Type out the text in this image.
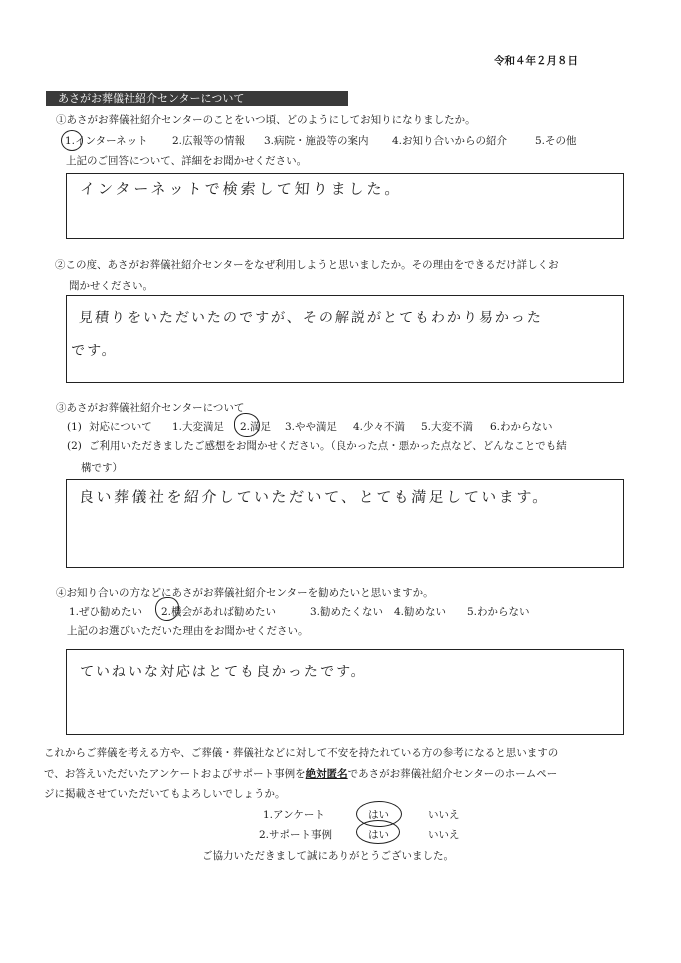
令和４年２月８日
あさがお葬儀社紹介センターについて
①あさがお葬儀社紹介センターのことをいつ頃、どのようにしてお知りになりましたか。
1.インターネット 2.広報等の情報 3.病院・施設等の案内 4.お知り合いからの紹介	5.その他
上記のご回答について、詳細をお聞かせください。
インターネットで検索して知りました。
②この度、あさがお葬儀社紹介センターをなぜ利用しようと思いましたか。その理由をできるだけ詳しくお
聞かせください。
見積りをいただいたのですが、その解説がとてもわかり易かった
です。
③あさがお葬儀社紹介センターについて
(1) 対応について 1.大変満足 2.満足 3.やや満足 4.少々不満 5.大変不満 6.わからない
(2) ご利用いただきましたご感想をお聞かせください。（良かった点・悪かった点など、どんなことでも結
構です）
良い葬儀社を紹介していただいて、とても満足しています。
④お知り合いの方などにあさがお葬儀社紹介センターを勧めたいと思いますか。
1.ぜひ勧めたい 2.機会があれば勧めたい	3.勧めたくない 4.勧めない 5.わからない
上記のお選びいただいた理由をお聞かせください。
ていねいな対応はとても良かったです。
これからご葬儀を考える方や、ご葬儀・葬儀社などに対して不安を持たれている方の参考になると思いますの
で、お答えいただいたアンケートおよびサポート事例を絶対匿名であさがお葬儀社紹介センターのホームペー
ジに掲載させていただいてもよろしいでしょうか。
1.アンケート	はい	いいえ
2.サポート事例	はい	いいえ
ご協力いただきまして誠にありがとうございました。
